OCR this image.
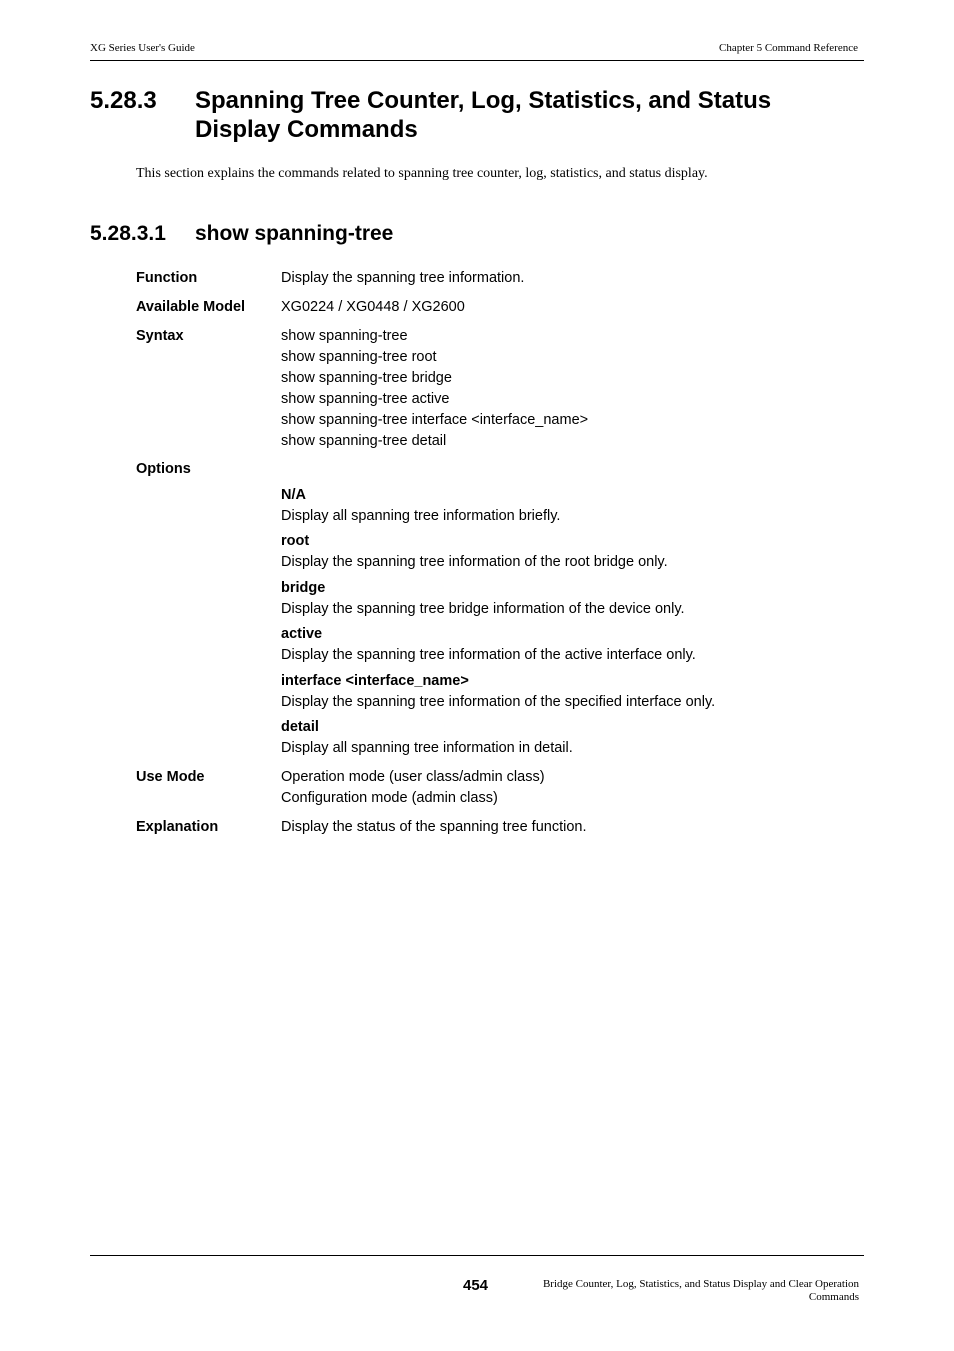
XG Series User's Guide	Chapter 5 Command Reference
5.28.3	Spanning Tree Counter, Log, Statistics, and Status Display Commands
This section explains the commands related to spanning tree counter, log, statistics, and status display.
5.28.3.1	show spanning-tree
Function	Display the spanning tree information.
Available Model	XG0224 / XG0448 / XG2600
Syntax	show spanning-tree
show spanning-tree root
show spanning-tree bridge
show spanning-tree active
show spanning-tree interface <interface_name>
show spanning-tree detail
Options
N/A
Display all spanning tree information briefly.
root
Display the spanning tree information of the root bridge only.
bridge
Display the spanning tree bridge information of the device only.
active
Display the spanning tree information of the active interface only.
interface <interface_name>
Display the spanning tree information of the specified interface only.
detail
Display all spanning tree information in detail.
Use Mode	Operation mode (user class/admin class)
Configuration mode (admin class)
Explanation	Display the status of the spanning tree function.
454	Bridge Counter, Log, Statistics, and Status Display and Clear Operation
Commands
